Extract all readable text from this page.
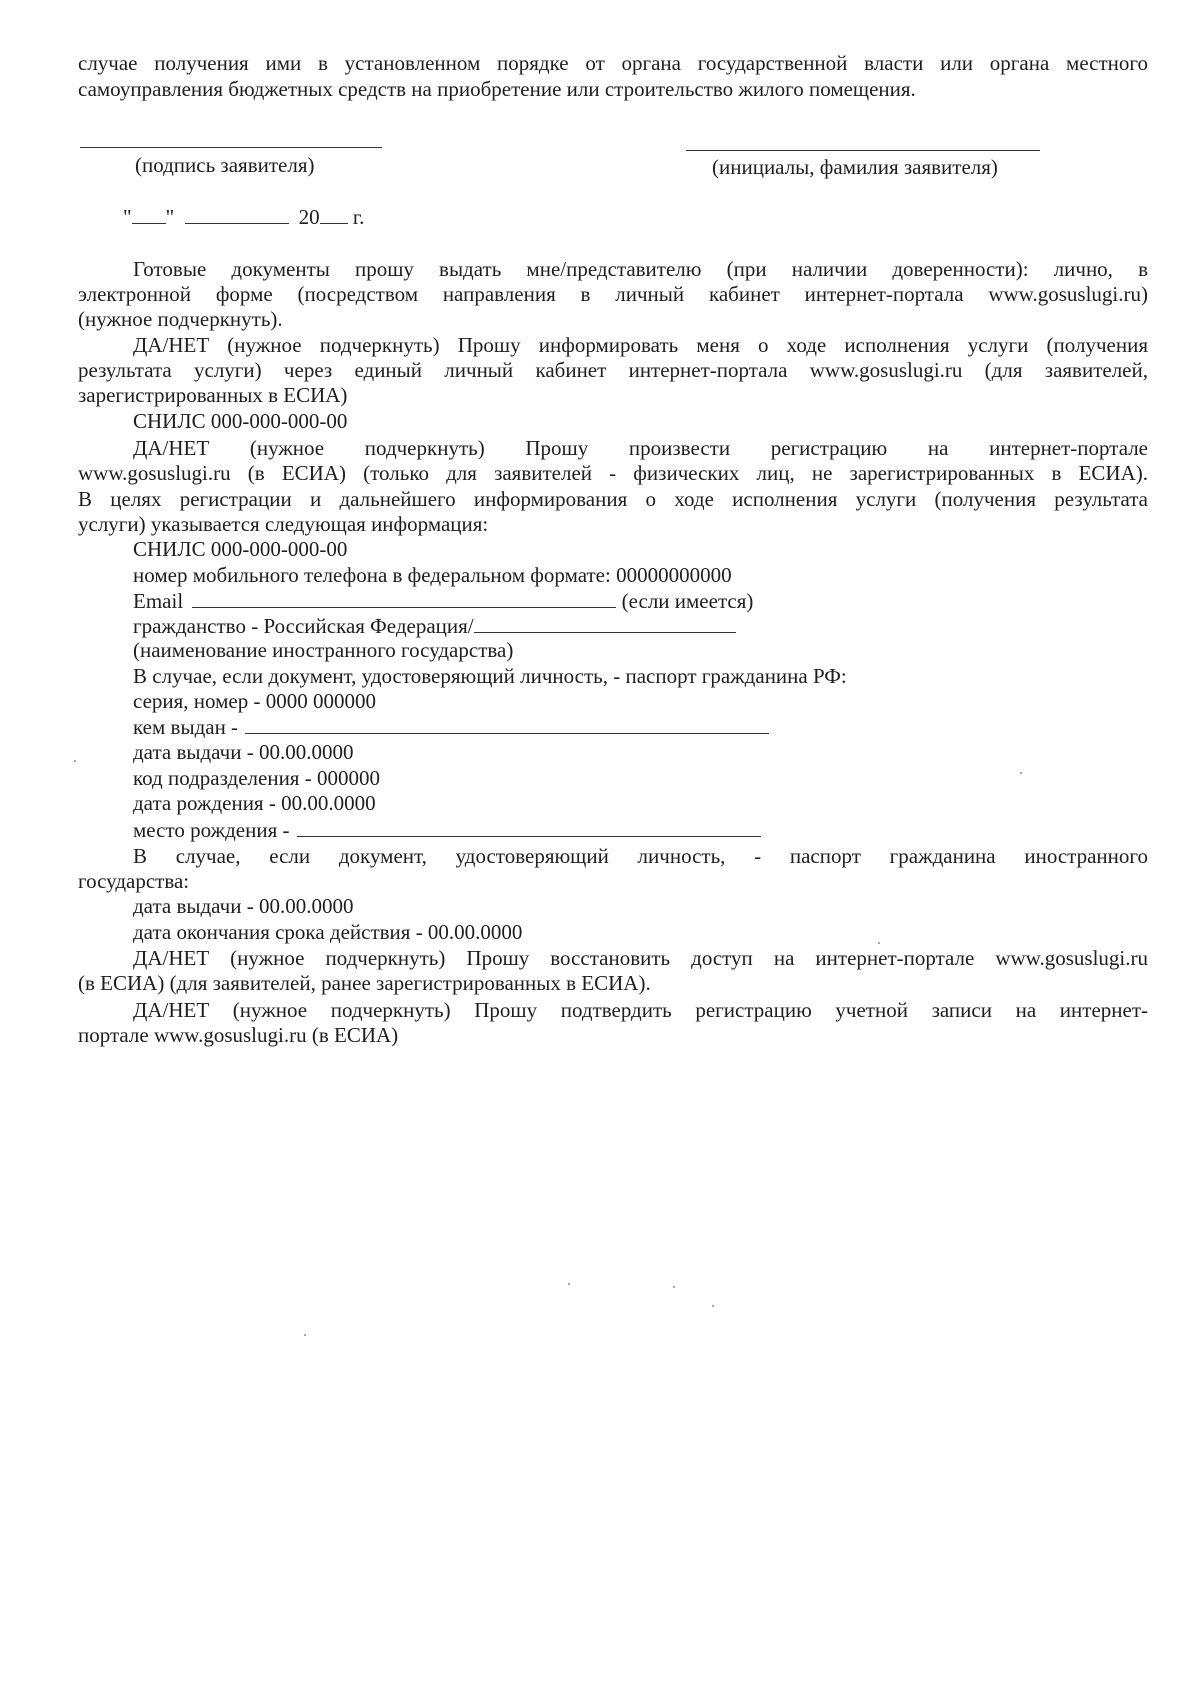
случае получения ими в установленном порядке от органа государственной власти или органа местного
самоуправления бюджетных средств на приобретение или строительство жилого помещения.
(подпись заявителя)	(инициалы, фамилия заявителя)
" "	20 г.
Готовые документы прошу выдать мне/представителю (при наличии доверенности): лично, в
электронной форме (посредством направления в личный кабинет интернет-портала www.gosuslugi.ru)
(нужное подчеркнуть).
ДА/НЕТ (нужное подчеркнуть) Прошу информировать меня о ходе исполнения услуги (получения
результата услуги) через единый личный кабинет интернет-портала www.gosuslugi.ru (для заявителей,
зарегистрированных в ЕСИА)
СНИЛС 000-000-000-00
ДА/НЕТ (нужное подчеркнуть) Прошу произвести регистрацию на интернет-портале
www.gosuslugi.ru (в ЕСИА) (только для заявителей - физических лиц, не зарегистрированных в ЕСИА).
В целях регистрации и дальнейшего информирования о ходе исполнения услуги (получения результата
услуги) указывается следующая информация:
СНИЛС 000-000-000-00
номер мобильного телефона в федеральном формате: 00000000000
Email	(если имеется)
гражданство - Российская Федерация/
(наименование иностранного государства)
В случае, если документ, удостоверяющий личность, - паспорт гражданина РФ:
серия, номер - 0000 000000
кем выдан -
дата выдачи - 00.00.0000
код подразделения - 000000
дата рождения - 00.00.0000
место рождения -
В случае, если документ, удостоверяющий личность, - паспорт гражданина иностранного
государства:
дата выдачи - 00.00.0000
дата окончания срока действия - 00.00.0000
ДА/НЕТ (нужное подчеркнуть) Прошу восстановить доступ на интернет-портале www.gosuslugi.ru
(в ЕСИА) (для заявителей, ранее зарегистрированных в ЕСИА).
ДА/НЕТ (нужное подчеркнуть) Прошу подтвердить регистрацию учетной записи на интернет-
портале www.gosuslugi.ru (в ЕСИА)
